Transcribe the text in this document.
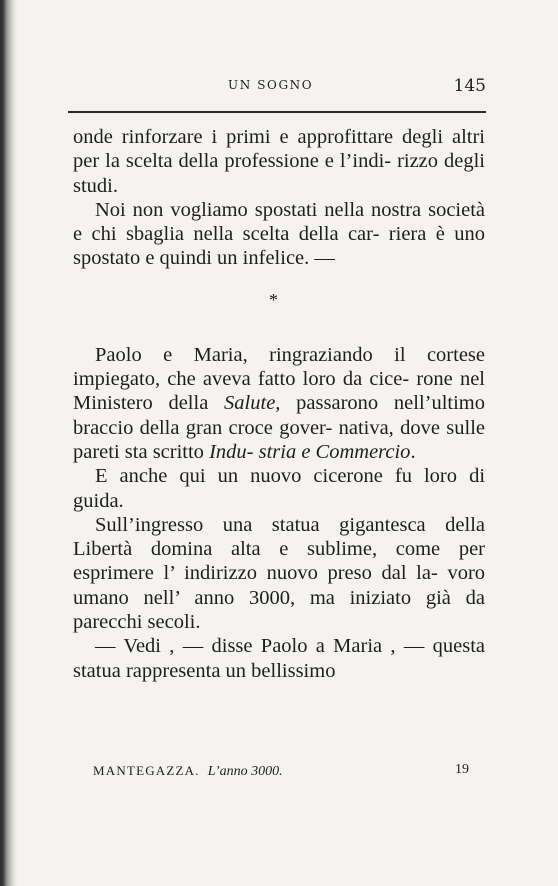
UN SOGNO	145

onde rinforzare i primi e approfittare degli altri per la scelta della professione e l’indi- rizzo degli studi.

Noi non vogliamo spostati nella nostra società e chi sbaglia nella scelta della car- riera è uno spostato e quindi un infelice. —

*

Paolo e Maria, ringraziando il cortese impiegato, che aveva fatto loro da cice- rone nel Ministero della Salute, passarono nell’ultimo braccio della gran croce gover- nativa, dove sulle pareti sta scritto Indu- stria e Commercio.

E anche qui un nuovo cicerone fu loro di guida.

Sull’ingresso una statua gigantesca della Libertà domina alta e sublime, come per esprimere l’ indirizzo nuovo preso dal la- voro umano nell’ anno 3000, ma iniziato già da parecchi secoli.

— Vedi , — disse Paolo a Maria , — questa statua rappresenta un bellissimo

MANTEGAZZA. L’anno 3000.	19
